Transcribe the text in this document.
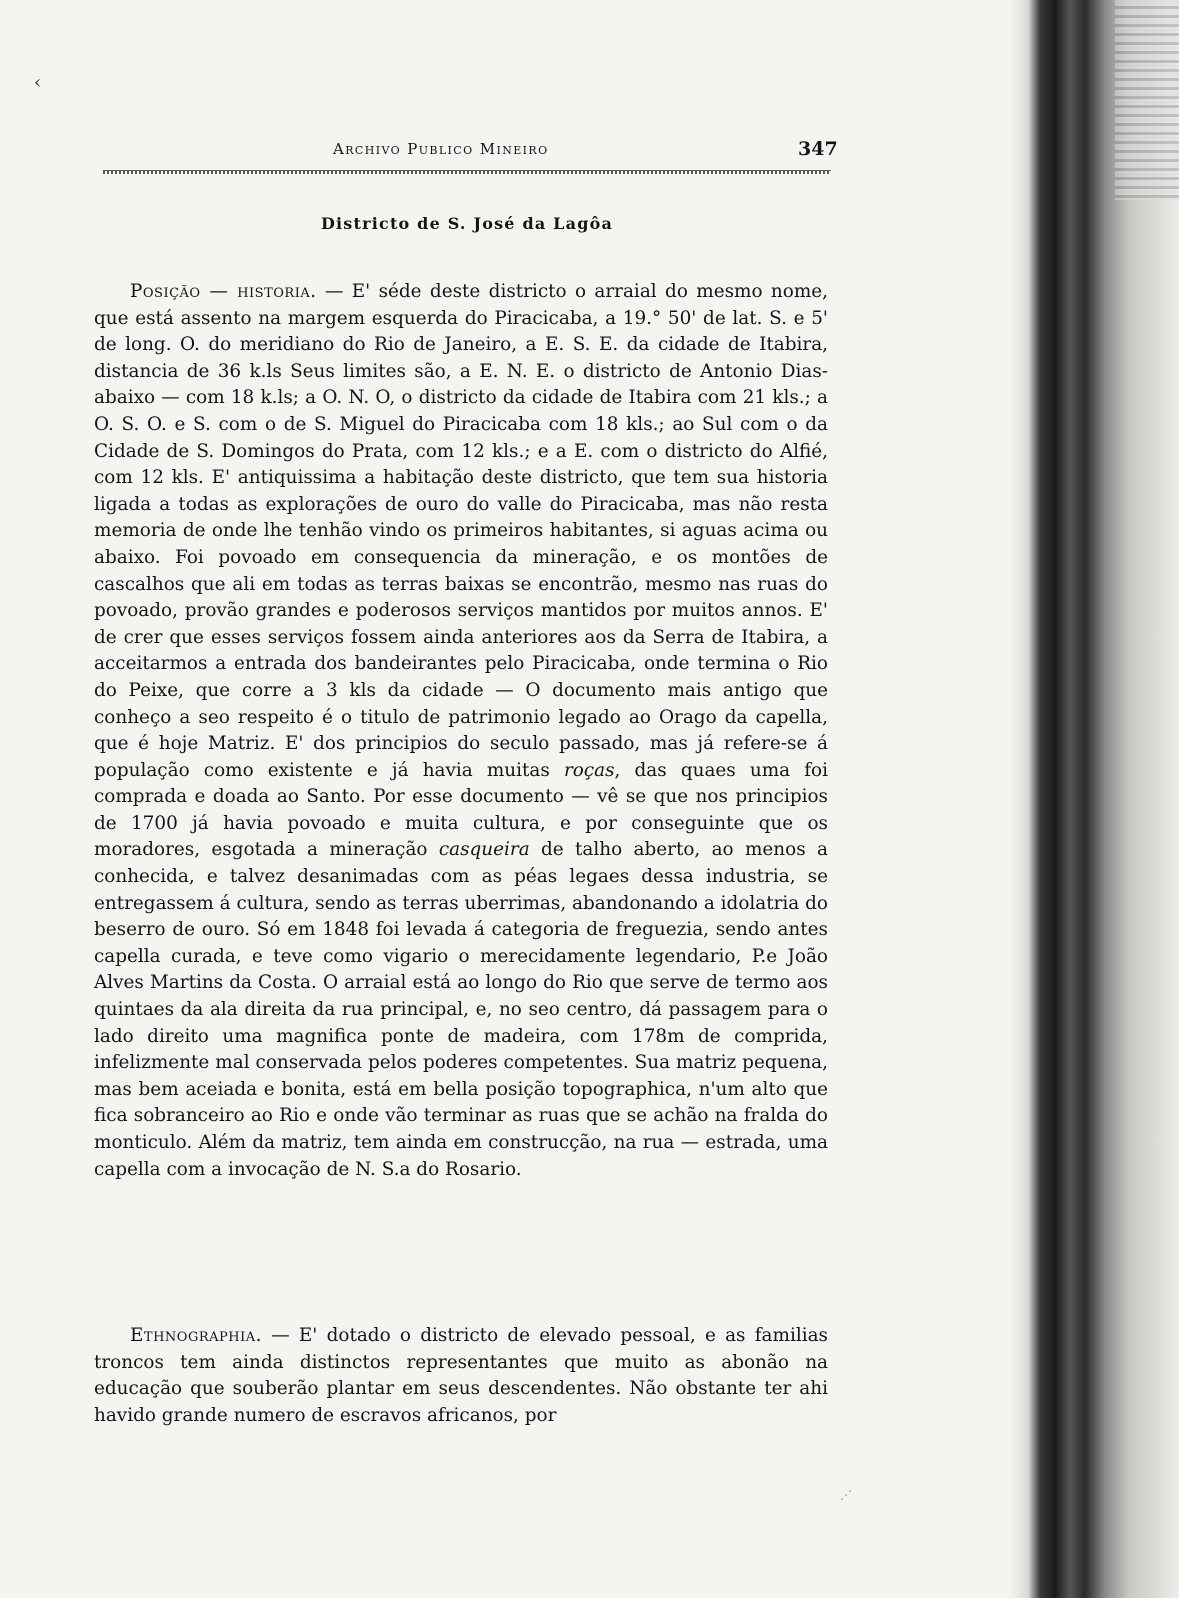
‹
Archivo Publico Mineiro	347
Districto de S. José da Lagôa

Posição — historia. — E' séde deste districto o arraial do mesmo nome, que está assento na margem esquerda do Piracicaba, a 19.° 50' de lat. S. e 5' de long. O. do meridiano do Rio de Janeiro, a E. S. E. da cidade de Itabira, distancia de 36 k.ls Seus limites são, a E. N. E. o districto de Antonio Dias-abaixo — com 18 k.ls; a O. N. O, o districto da cidade de Itabira com 21 kls.; a O. S. O. e S. com o de S. Miguel do Piracicaba com 18 kls.; ao Sul com o da Cidade de S. Domingos do Prata, com 12 kls.; e a E. com o districto do Alfié, com 12 kls. E' antiquissima a habitação deste districto, que tem sua historia ligada a todas as explorações de ouro do valle do Piracicaba, mas não resta memoria de onde lhe tenhão vindo os primeiros habitantes, si aguas acima ou abaixo. Foi povoado em consequencia da mineração, e os montões de cascalhos que ali em todas as terras baixas se encontrão, mesmo nas ruas do povoado, provão grandes e poderosos serviços mantidos por muitos annos. E' de crer que esses serviços fossem ainda anteriores aos da Serra de Itabira, a acceitarmos a entrada dos bandeirantes pelo Piracicaba, onde termina o Rio do Peixe, que corre a 3 kls da cidade — O documento mais antigo que conheço a seo respeito é o titulo de patrimonio legado ao Orago da capella, que é hoje Matriz. E' dos principios do seculo passado, mas já refere-se á população como existente e já havia muitas roças, das quaes uma foi comprada e doada ao Santo. Por esse documento — vê se que nos principios de 1700 já havia povoado e muita cultura, e por conseguinte que os moradores, esgotada a mineração casqueira de talho aberto, ao menos a conhecida, e talvez desanimadas com as péas legaes dessa industria, se entregassem á cultura, sendo as terras uberrimas, abandonando a idolatria do beserro de ouro. Só em 1848 foi levada á categoria de freguezia, sendo antes capella curada, e teve como vigario o merecidamente legendario, P.e João Alves Martins da Costa. O arraial está ao longo do Rio que serve de termo aos quintaes da ala direita da rua principal, e, no seo centro, dá passagem para o lado direito uma magnifica ponte de madeira, com 178m de comprida, infelizmente mal conservada pelos poderes competentes. Sua matriz pequena, mas bem aceiada e bonita, está em bella posição topographica, n'um alto que fica sobranceiro ao Rio e onde vão terminar as ruas que se achão na fralda do monticulo. Além da matriz, tem ainda em construcção, na rua — estrada, uma capella com a invocação de N. S.a do Rosario.

Ethnographia. — E' dotado o districto de elevado pessoal, e as familias troncos tem ainda distinctos representantes que muito as abonão na educação que souberão plantar em seus descendentes. Não obstante ter ahi havido grande numero de escravos africanos, por

⋰
